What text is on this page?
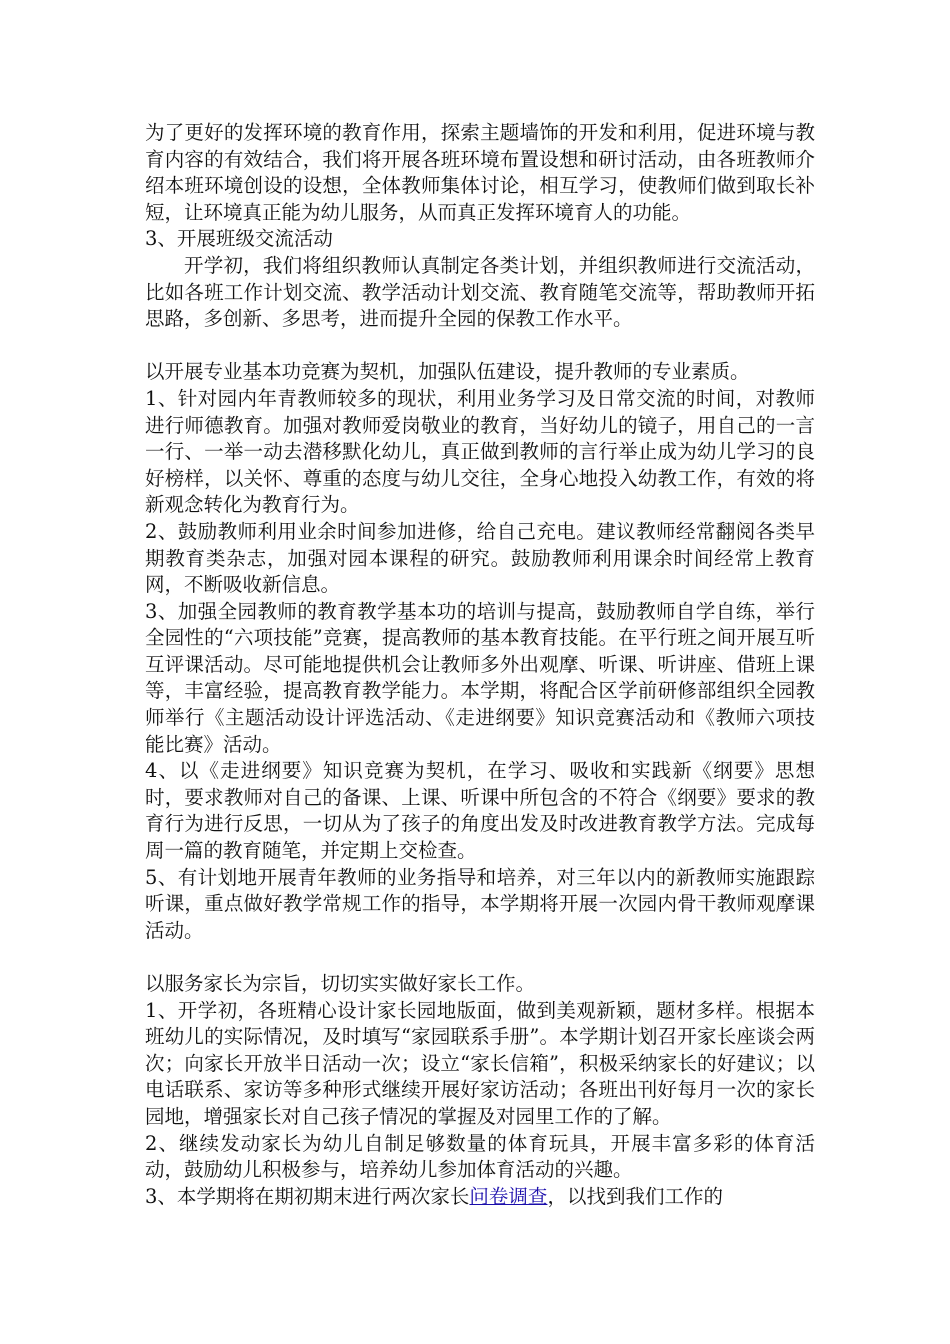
为了更好的发挥环境的教育作用，探索主题墙饰的开发和利用，促进环境与教育内容的有效结合，我们将开展各班环境布置设想和研讨活动，由各班教师介绍本班环境创设的设想，全体教师集体讨论，相互学习，使教师们做到取长补短，让环境真正能为幼儿服务，从而真正发挥环境育人的功能。

3、开展班级交流活动

开学初，我们将组织教师认真制定各类计划，并组织教师进行交流活动，比如各班工作计划交流、教学活动计划交流、教育随笔交流等，帮助教师开拓思路，多创新、多思考，进而提升全园的保教工作水平。

以开展专业基本功竞赛为契机，加强队伍建设，提升教师的专业素质。

1、针对园内年青教师较多的现状，利用业务学习及日常交流的时间，对教师进行师德教育。加强对教师爱岗敬业的教育，当好幼儿的镜子，用自己的一言一行、一举一动去潜移默化幼儿，真正做到教师的言行举止成为幼儿学习的良好榜样，以关怀、尊重的态度与幼儿交往，全身心地投入幼教工作，有效的将新观念转化为教育行为。

2、鼓励教师利用业余时间参加进修，给自己充电。建议教师经常翻阅各类早期教育类杂志，加强对园本课程的研究。鼓励教师利用课余时间经常上教育网，不断吸收新信息。

3、加强全园教师的教育教学基本功的培训与提高，鼓励教师自学自练，举行全园性的“六项技能”竞赛，提高教师的基本教育技能。在平行班之间开展互听互评课活动。尽可能地提供机会让教师多外出观摩、听课、听讲座、借班上课等，丰富经验，提高教育教学能力。本学期，将配合区学前研修部组织全园教师举行《主题活动设计评选活动、《走进纲要》知识竞赛活动和《教师六项技能比赛》活动。

4、以《走进纲要》知识竞赛为契机，在学习、吸收和实践新《纲要》思想时，要求教师对自己的备课、上课、听课中所包含的不符合《纲要》要求的教育行为进行反思，一切从为了孩子的角度出发及时改进教育教学方法。完成每周一篇的教育随笔，并定期上交检查。

5、有计划地开展青年教师的业务指导和培养，对三年以内的新教师实施跟踪听课，重点做好教学常规工作的指导，本学期将开展一次园内骨干教师观摩课活动。

以服务家长为宗旨，切切实实做好家长工作。

1、开学初，各班精心设计家长园地版面，做到美观新颖，题材多样。根据本班幼儿的实际情况，及时填写“家园联系手册”。本学期计划召开家长座谈会两次；向家长开放半日活动一次；设立“家长信箱”，积极采纳家长的好建议；以电话联系、家访等多种形式继续开展好家访活动；各班出刊好每月一次的家长园地，增强家长对自己孩子情况的掌握及对园里工作的了解。

2、继续发动家长为幼儿自制足够数量的体育玩具，开展丰富多彩的体育活动，鼓励幼儿积极参与，培养幼儿参加体育活动的兴趣。

3、本学期将在期初期末进行两次家长问卷调查，以找到我们工作的
